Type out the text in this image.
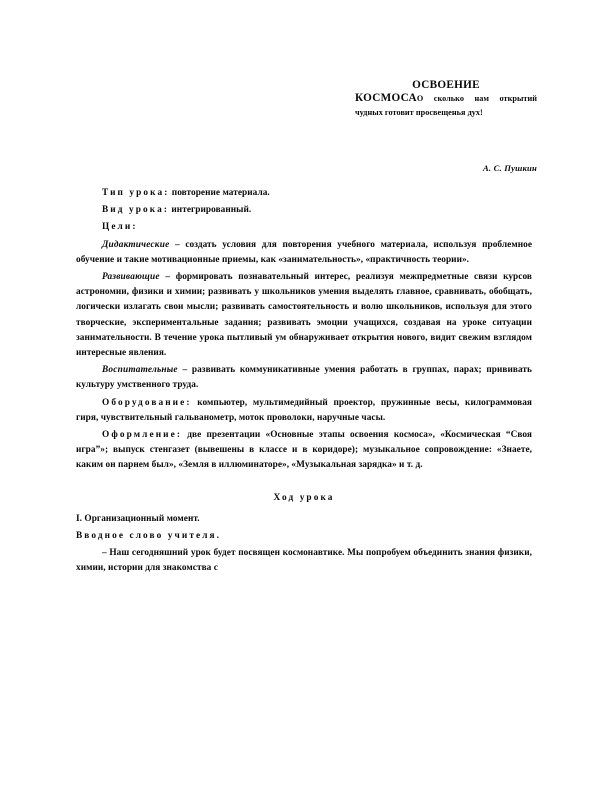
ОСВОЕНИЕ

КОСМОСАО сколько нам открытий чудных готовит просвещенья дух!

А. С. Пушкин

Тип урока: повторение материала.

Вид урока: интегрированный.

Цели:

Дидактические – создать условия для повторения учебного материала, используя проблемное обучение и такие мотивационные приемы, как «занимательность», «практичность теории».

Развивающие – формировать познавательный интерес, реализуя межпредметные связи курсов астрономии, физики и химии; развивать у школьников умения выделять главное, сравнивать, обобщать, логически излагать свои мысли; развивать самостоятельность и волю школьников, используя для этого творческие, экспериментальные задания; развивать эмоции учащихся, создавая на уроке ситуации занимательности. В течение урока пытливый ум обнаруживает открытия нового, видит свежим взглядом интересные явления.

Воспитательные – развивать коммуникативные умения работать в группах, парах; прививать культуру умственного труда.

Оборудование: компьютер, мультимедийный проектор, пружинные весы, килограммовая гиря, чувствительный гальванометр, моток проволоки, наручные часы.

Оформление: две презентации «Основные этапы освоения космоса», «Космическая “Своя игра”»; выпуск стенгазет (вывешены в классе и в коридоре); музыкальное сопровождение: «Знаете, каким он парнем был», «Земля в иллюминаторе», «Музыкальная зарядка» и т. д.

Ход урока

I. Организационный момент.

Вводное слово учителя.

– Наш сегодняшний урок будет посвящен космонавтике. Мы попробуем объединить знания физики, химии, истории для знакомства с
